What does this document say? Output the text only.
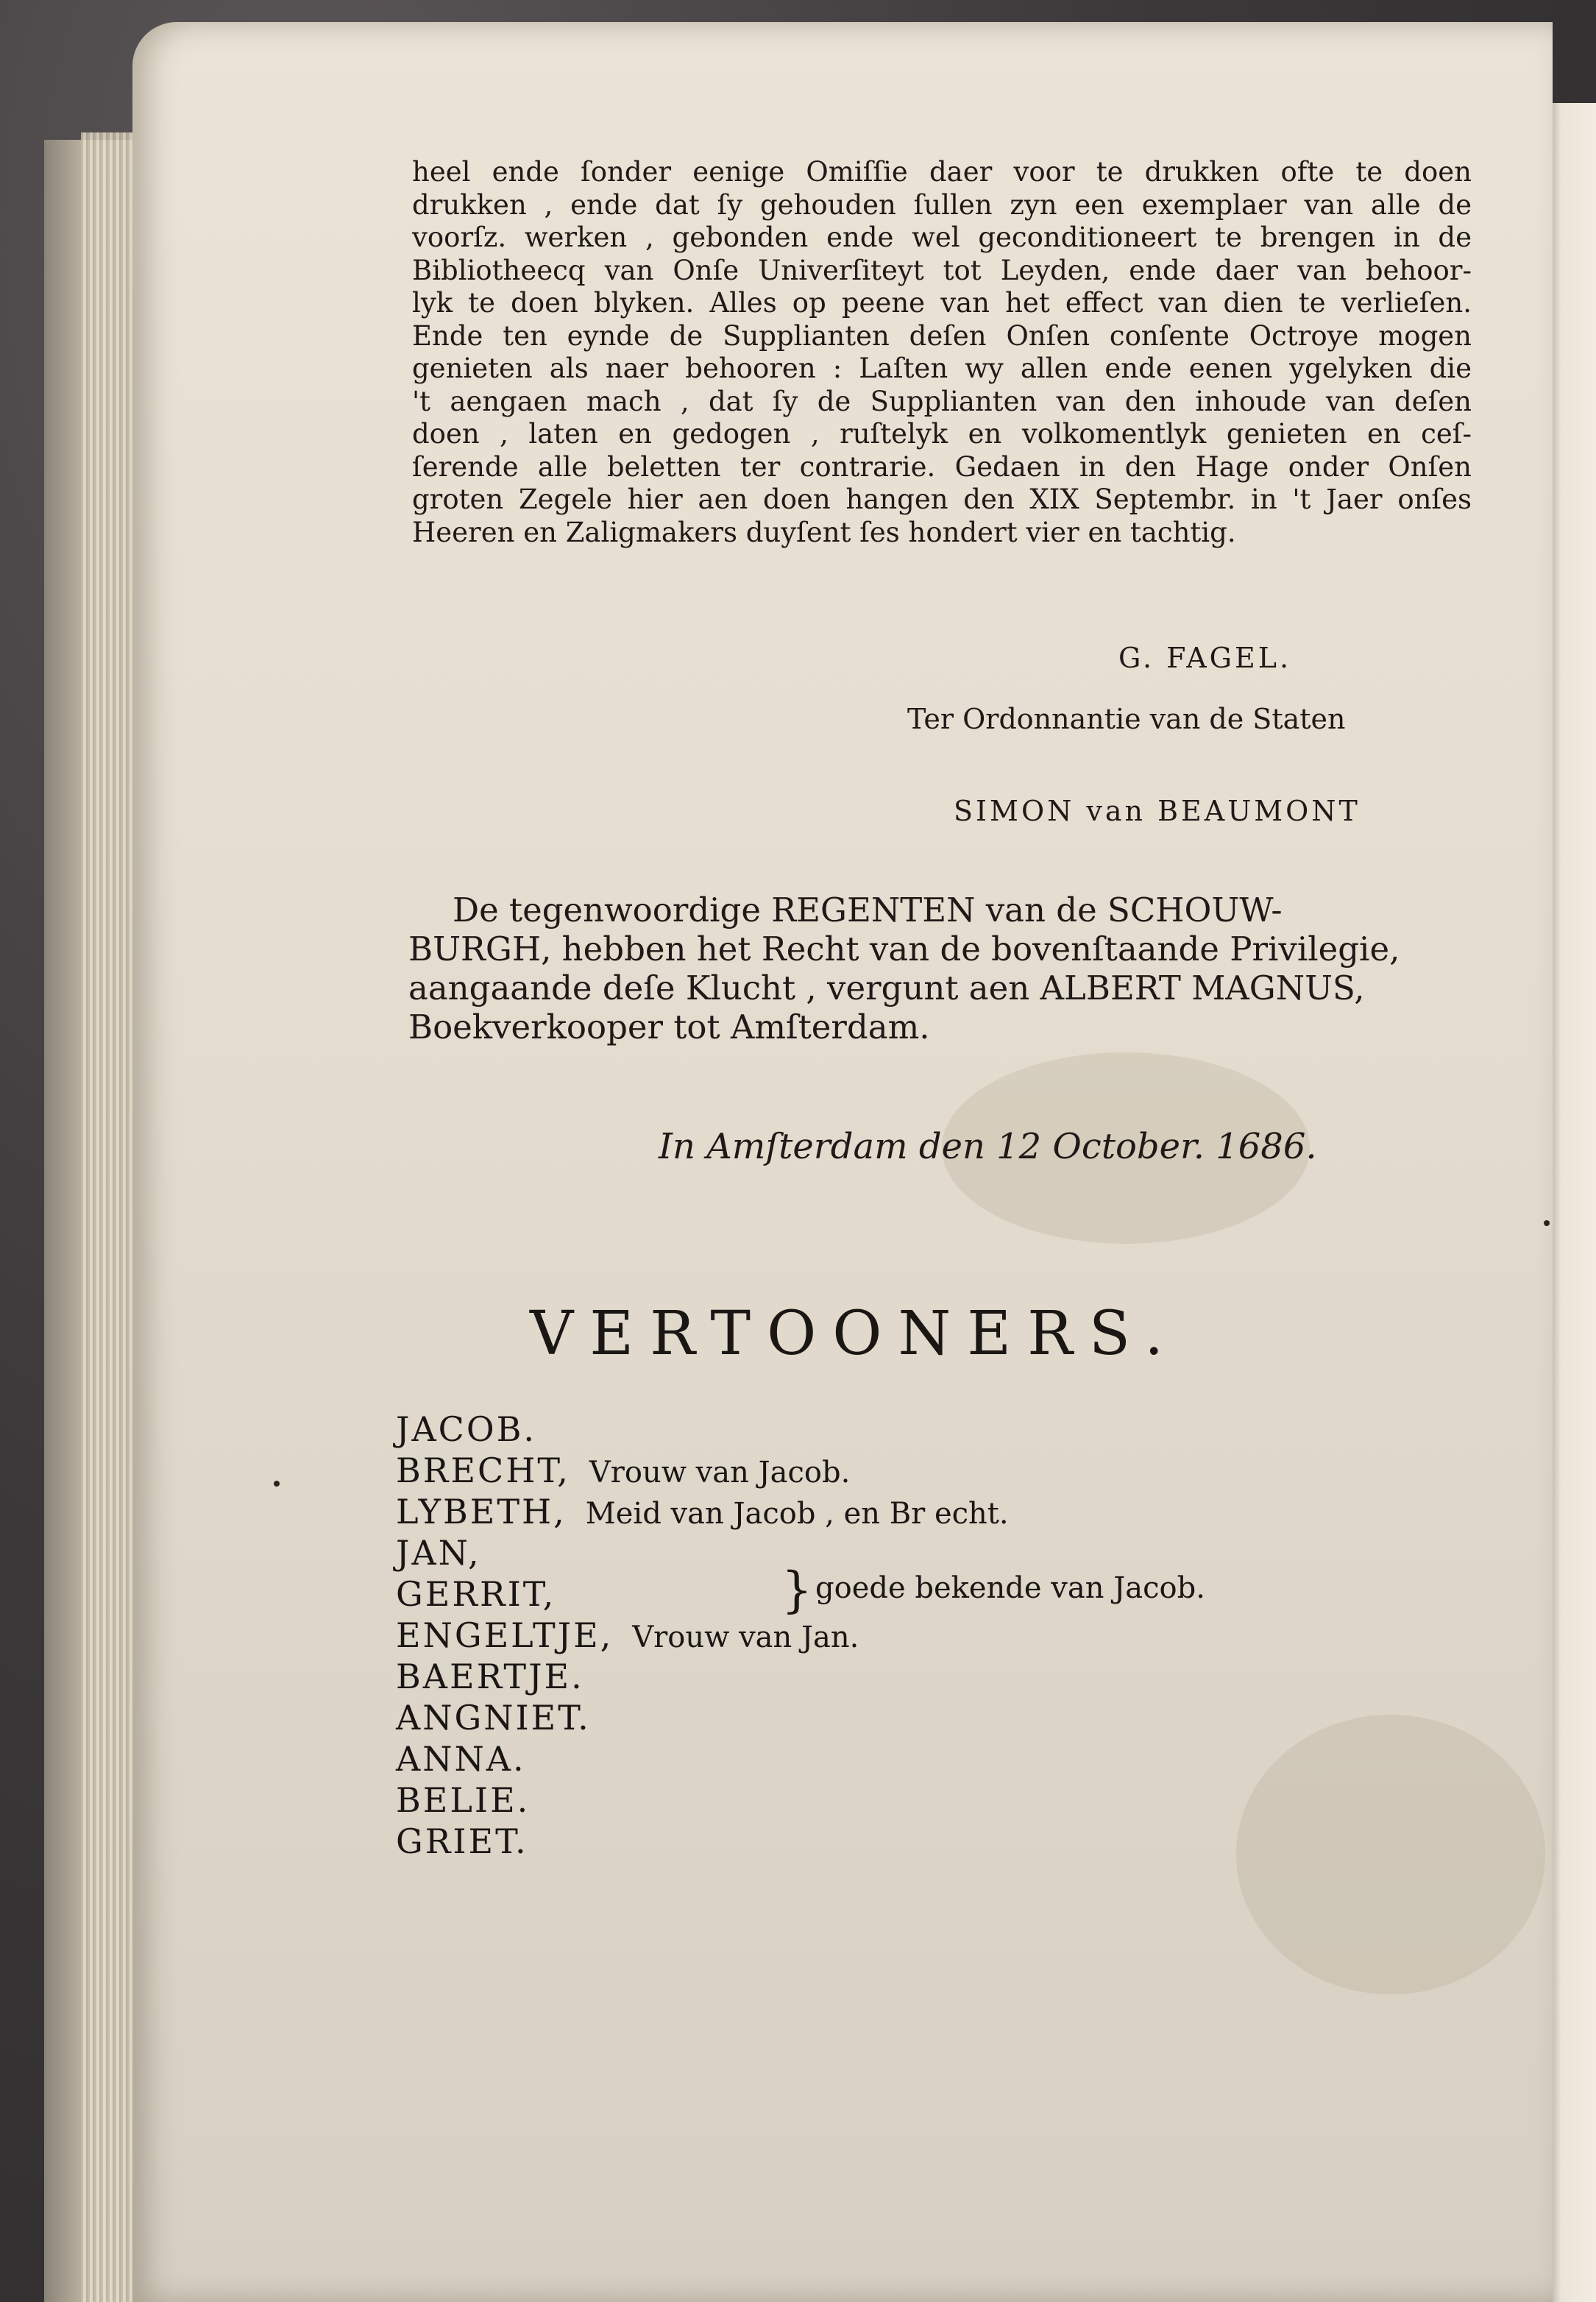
heel ende ſonder eenige Omiſſie daer voor te drukken ofte te doen
drukken , ende dat ſy gehouden ſullen zyn een exemplaer van alle de
voorſz. werken , gebonden ende wel geconditioneert te brengen in de
Bibliotheecq van Onſe Univerſiteyt tot Leyden, ende daer van behoor-
lyk te doen blyken. Alles op peene van het effect van dien te verlieſen.
Ende ten eynde de Supplianten deſen Onſen conſente Octroye mogen
genieten als naer behooren : Laſten wy allen ende eenen ygelyken die
't aengaen mach , dat ſy de Supplianten van den inhoude van deſen
doen , laten en gedogen , ruſtelyk en volkomentlyk genieten en ceſ-
ſerende alle beletten ter contrarie. Gedaen in den Hage onder Onſen
groten Zegele hier aen doen hangen den XIX Septembr. in 't Jaer onſes
Heeren en Zaligmakers duyſent ſes hondert vier en tachtig.
G. FAGEL.
Ter Ordonnantie van de Staten
SIMON van BEAUMONT
De tegenwoordige REGENTEN van de SCHOUW-
BURGH, hebben het Recht van de bovenſtaande Privilegie,
aangaande deſe Klucht , vergunt aen ALBERT MAGNUS,
Boekverkooper tot Amſterdam.
In Amſterdam den 12 October. 1686.
VERTOONERS.
JACOB.
BRECHT, Vrouw van Jacob.
LYBETH, Meid van Jacob , en Br echt.
JAN,
GERRIT,
ENGELTJE, Vrouw van Jan.
BAERTJE.
ANGNIET.
ANNA.
BELIE.
GRIET.
} goede bekende van Jacob.
